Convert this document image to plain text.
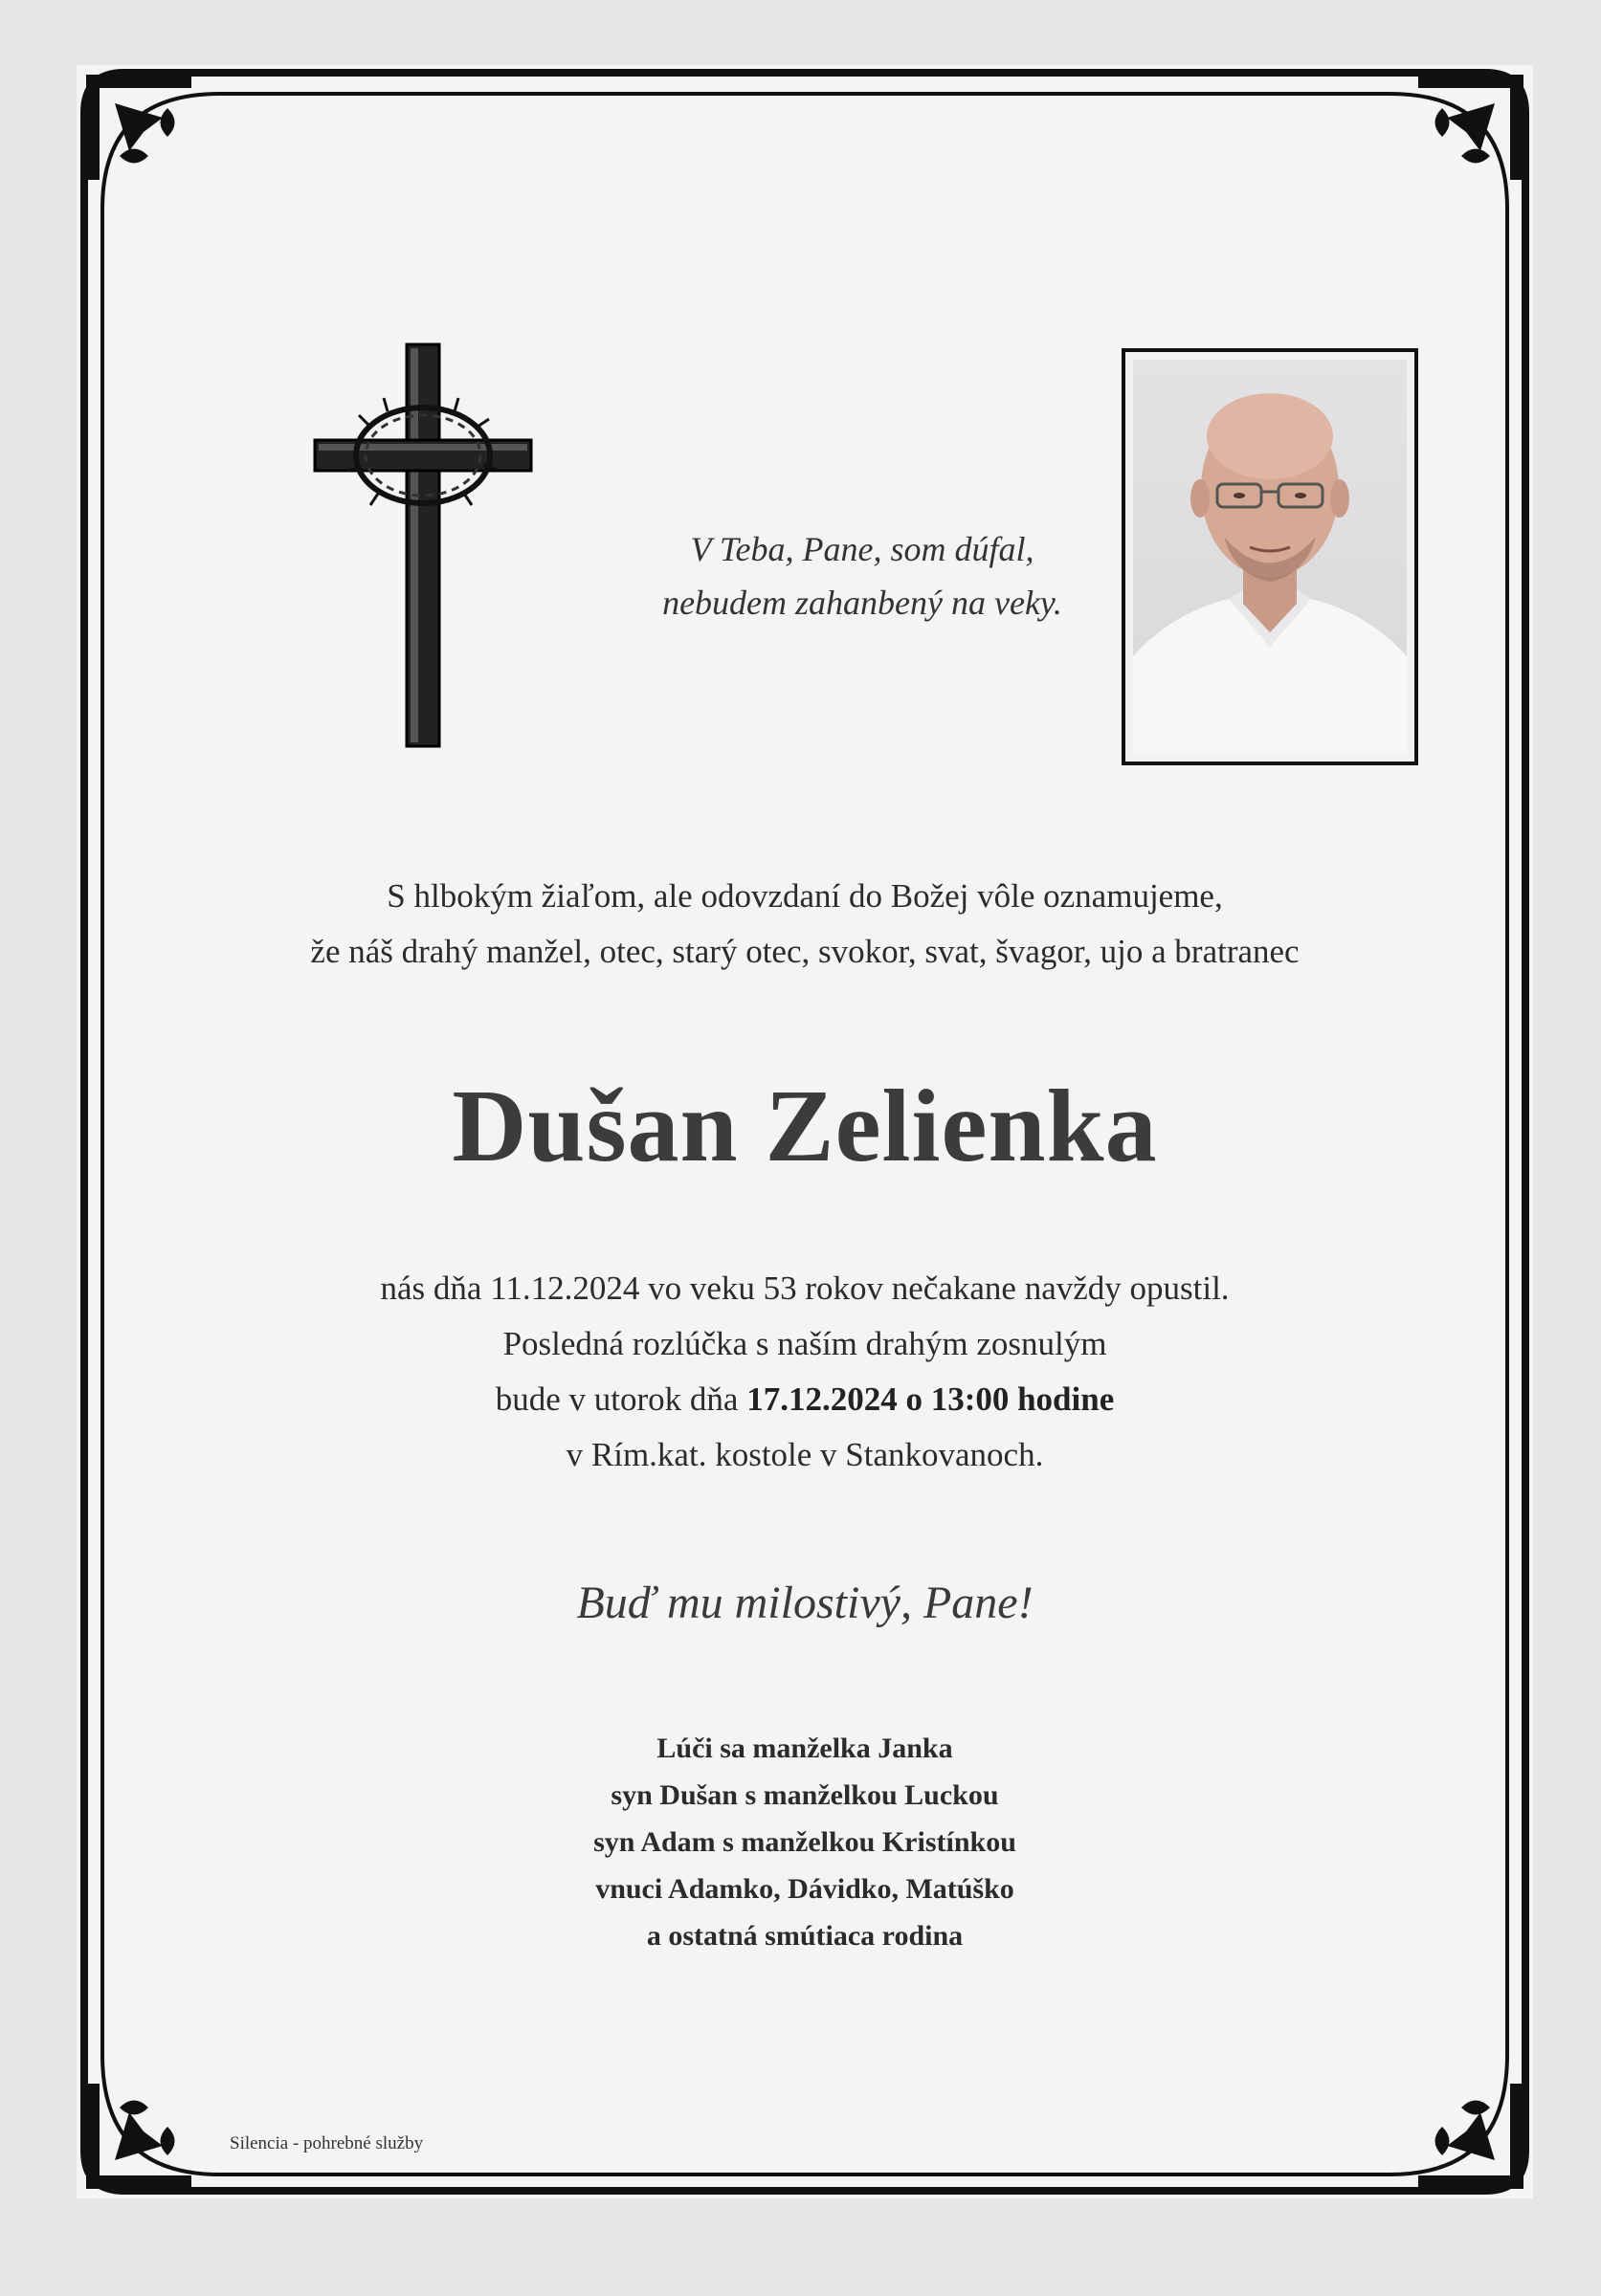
V Teba, Pane, som dúfal,
nebudem zahanbený na veky.
S hlbokým žiaľom, ale odovzdaní do Božej vôle oznamujeme,
že náš drahý manžel, otec, starý otec, svokor, svat, švagor, ujo a bratranec
Dušan Zelienka
nás dňa 11.12.2024 vo veku 53 rokov nečakane navždy opustil.
Posledná rozlúčka s naším drahým zosnulým
bude v utorok dňa 17.12.2024 o 13:00 hodine
v Rím.kat. kostole v Stankovanoch.
Buď mu milostivý, Pane!
Lúči sa manželka Janka
syn Dušan s manželkou Luckou
syn Adam s manželkou Kristínkou
vnuci Adamko, Dávidko, Matúško
a ostatná smútiaca rodina
Silencia - pohrebné služby
